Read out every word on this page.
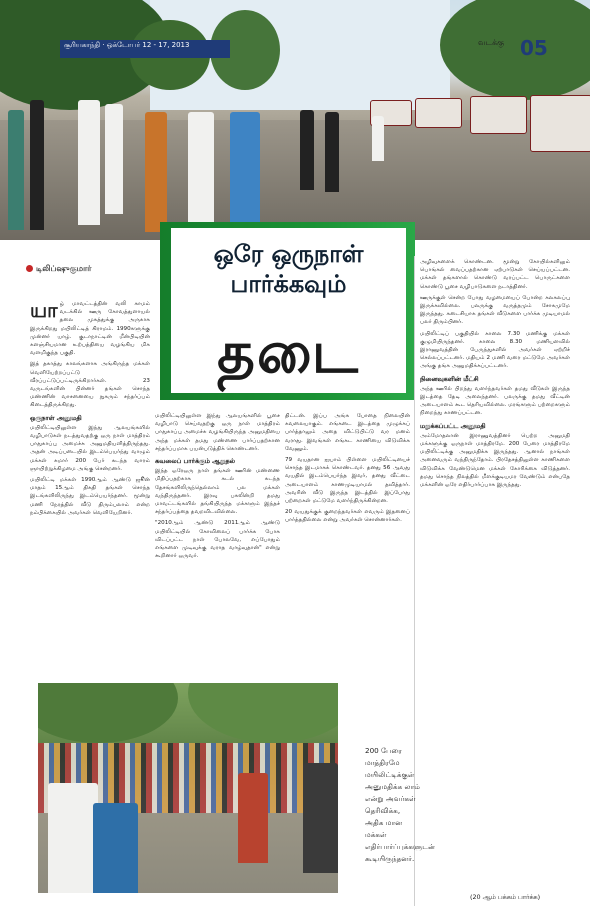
சூரியகாந்தி · ஒக்டோபர் 12 - 17, 2013	வடக்கு 05
ஒரே ஒருநாள்
பார்க்கவும்
தடை
டிலிப்ஷுகுமார்

யா ழ் மாவட்டத்தின் வலி காமம் வடக்கில் ஊரு கோவத்துளாயல் தலை முகத்துக்கு அருகாக இருக்கிறது மயிலிட்டித் கிராமம். 1990களுக்கு முன்னர் யாழ். குடாநாட்டின் மீன்பிடியின் களஞ்சியமான உற்பத்தியை வழங்கிய மிக வளமிகுந்த பகுதி.

இத் தகாத்து காலங்களாக அங்கிருந்த மக்கள் வெளியேற்றப்பட்டு வீரப்பட்டுப்பட்டிருக்கிறார்கள். 23 வருடங்களின் பின்னர் தங்கள் சொந்த மண்ணின் வாசனையை நுகரும் சந்தர்ப்பம் கிடைத்திருக்கிறது.

ஒருநாள் அனுமதி

மயிலிட்டியிலுள்ள இந்து ஆலயங்களில் வழிபாடுகள் நடத்துவதற்கு ஒரு நாள் மாத்திரம் பாதுகாப்பு அமைச்சு அனுமதியளித்திருந்தது. அதன் அடிப்படையில் இடம்பெயர்ந்து வாழும் மக்கள் சுமார் 200 பேர் கடந்த வாரம் ஞாயிற்றுக்கிழமை அங்கு சென்றனர்.

மயிலிட்டி மக்கள் 1990ஆம் ஆண்டு ஜூன் மாதம் 15ஆம் திகதி தங்கள் சொந்த இடங்களிலிருந்து இடம்பெயர்ந்தனர். மூன்று மணி நேரத்தில் வீடு திரும்பலாம் என்ற நம்பிக்கையில் அவர்கள் வெளியேறினர்.

மயிலிட்டியிலுள்ள இந்து ஆலயங்களில் பூசை வழிபாடு செய்வதற்கு ஒரு நாள் மாத்திரம் பாதுகாப்பு அமைச்சு வழங்கியிருந்த அனுமதியை அந்த மக்கள் தமது மண்ணை பார்ப்பதற்கான சந்தர்ப்பமாக பயன்படுத்திக் கொண்டனர்.

கவலைப் பார்க்கும் ஆறுதல்

இந்த ஒரேஒரு நாள் தங்கள் ஊரின் மண்ணை மிதிப்பதற்காக கடல் கடந்த தேசங்களிலிருந்தெல்லாம் பல மக்கள் வந்திருந்தனர். இரவு பகலின்றி தமது மாவட்டங்களில் தங்கியிருந்த மக்களும் இந்தச் சந்தர்ப்பத்தை தவறவிடவில்லை.

"2010ஆம் ஆண்டு 2011ஆம் ஆண்டு மயிலிட்டியில் கோவிலைப் பார்க்க போக விடப்பட்ட நாள் போலவே, எப்போதும் எங்களை முடிவுக்கு வராத வாழ்வுதான்" என்று கூறினார் ஒருவர்.

திட்டன். இப்ப அங்க போதை நிலையின் கவலையாகும். எங்கடை இடத்தை முழுக்கப் பார்த்தாலும் அதை விட்டுபிட்டு வர மனம் வராது. இவங்கள் எங்கட காணியை விடுவிக்க வேணும்.

79 வயதான ஐயாம் பிள்ளை மயிலிட்டியைச் சொந்த இடமாகக் கொண்டவர். தனது 56 ஆவது வயதில் இடம்பெயர்ந்த இவர், தனது வீட்டை அடையாளம் காணமுடியாமல் தவித்தார். அவரின் வீடு இருந்த இடத்தில் இப்போது பற்றைகள் மட்டுமே வளர்ந்திருக்கின்றன.

20 வயதுக்குக் குறைந்தவர்கள் எவரும் இதனைப் பார்த்ததில்லை என்று அவர்கள் சொன்னார்கள்.

அழிவுகளைக் கொண்டன. மூன்று கோயில்களிலும் பொங்கல் வைப்பதற்கான ஏற்பாடுகள் செய்யப்பட்டன. மக்கள் தங்களால் கொண்டு வரப்பட்ட பொருட்களை கொண்டு பூசை வழிபாடுகளை நடாத்தினர்.

ஊருக்குள் சென்ற போது வழமையைப் போன்ற கலகலப்பு இருக்கவில்லை. பலருக்கு வருத்தமும் சோகமுமே இருந்தது. கடைசியாக தங்கள் வீடுகளை பார்க்க முடியாமல் பலர் திரும்பினர்.

மயிலிட்டிப் பகுதியில் காலை 7.30 மணிக்கு மக்கள் குழுமியிருந்தனர். காலை 8.30 மணியளவில் இராணுவத்தின் பேருந்துகளில் அவர்கள் ஏற்றிச் செல்லப்பட்டனர். மதியம் 2 மணி வரை மட்டுமே அவர்கள் அங்கு தங்க அனுமதிக்கப்பட்டனர்.

நினைவுகளின் மீட்சி

அந்த ஊரில் பிறந்து வளர்ந்தவர்கள் தமது வீடுகள் இருந்த இடத்தை தேடி அலைந்தனர். பலருக்கு தமது வீட்டின் அடையாளம் கூட தெரியவில்லை. மரங்களும் பற்றைகளும் நிறைந்து காணப்பட்டன.

மறுக்கப்பட்ட அனுமதி

அம்மோதலான் இராணுவத்தினர் பெற்ற அனுமதி மக்களுக்கு ஒருநாள் மாத்திரமே. 200 பேரை மாத்திரமே மயிலிட்டிக்கு அனுமதிக்க இருந்தது. ஆனால் நாங்கள் அனைவரும் வந்திருந்தோம். பிரதேசத்திலுள்ள காணிகளை விடுவிக்க வேண்டுமென மக்கள் கோரிக்கை விடுத்தனர். தமது சொந்த நிலத்தில் மீளக்குடியமர வேண்டும் என்பதே மக்களின் ஒரே எதிர்பார்ப்பாக இருந்தது.

200 பேரை மாத்திரமே மயிலிட்டிக்குள் அனுமதிக்க லாம் என்று அவர்கள் தெரிவிக்க, அதிக மான மக்கள் எதிர்பார்ப்புக்களுடன் கூடியிருந்தனர்.
(20 ஆம் பக்கம் பார்க்க)
